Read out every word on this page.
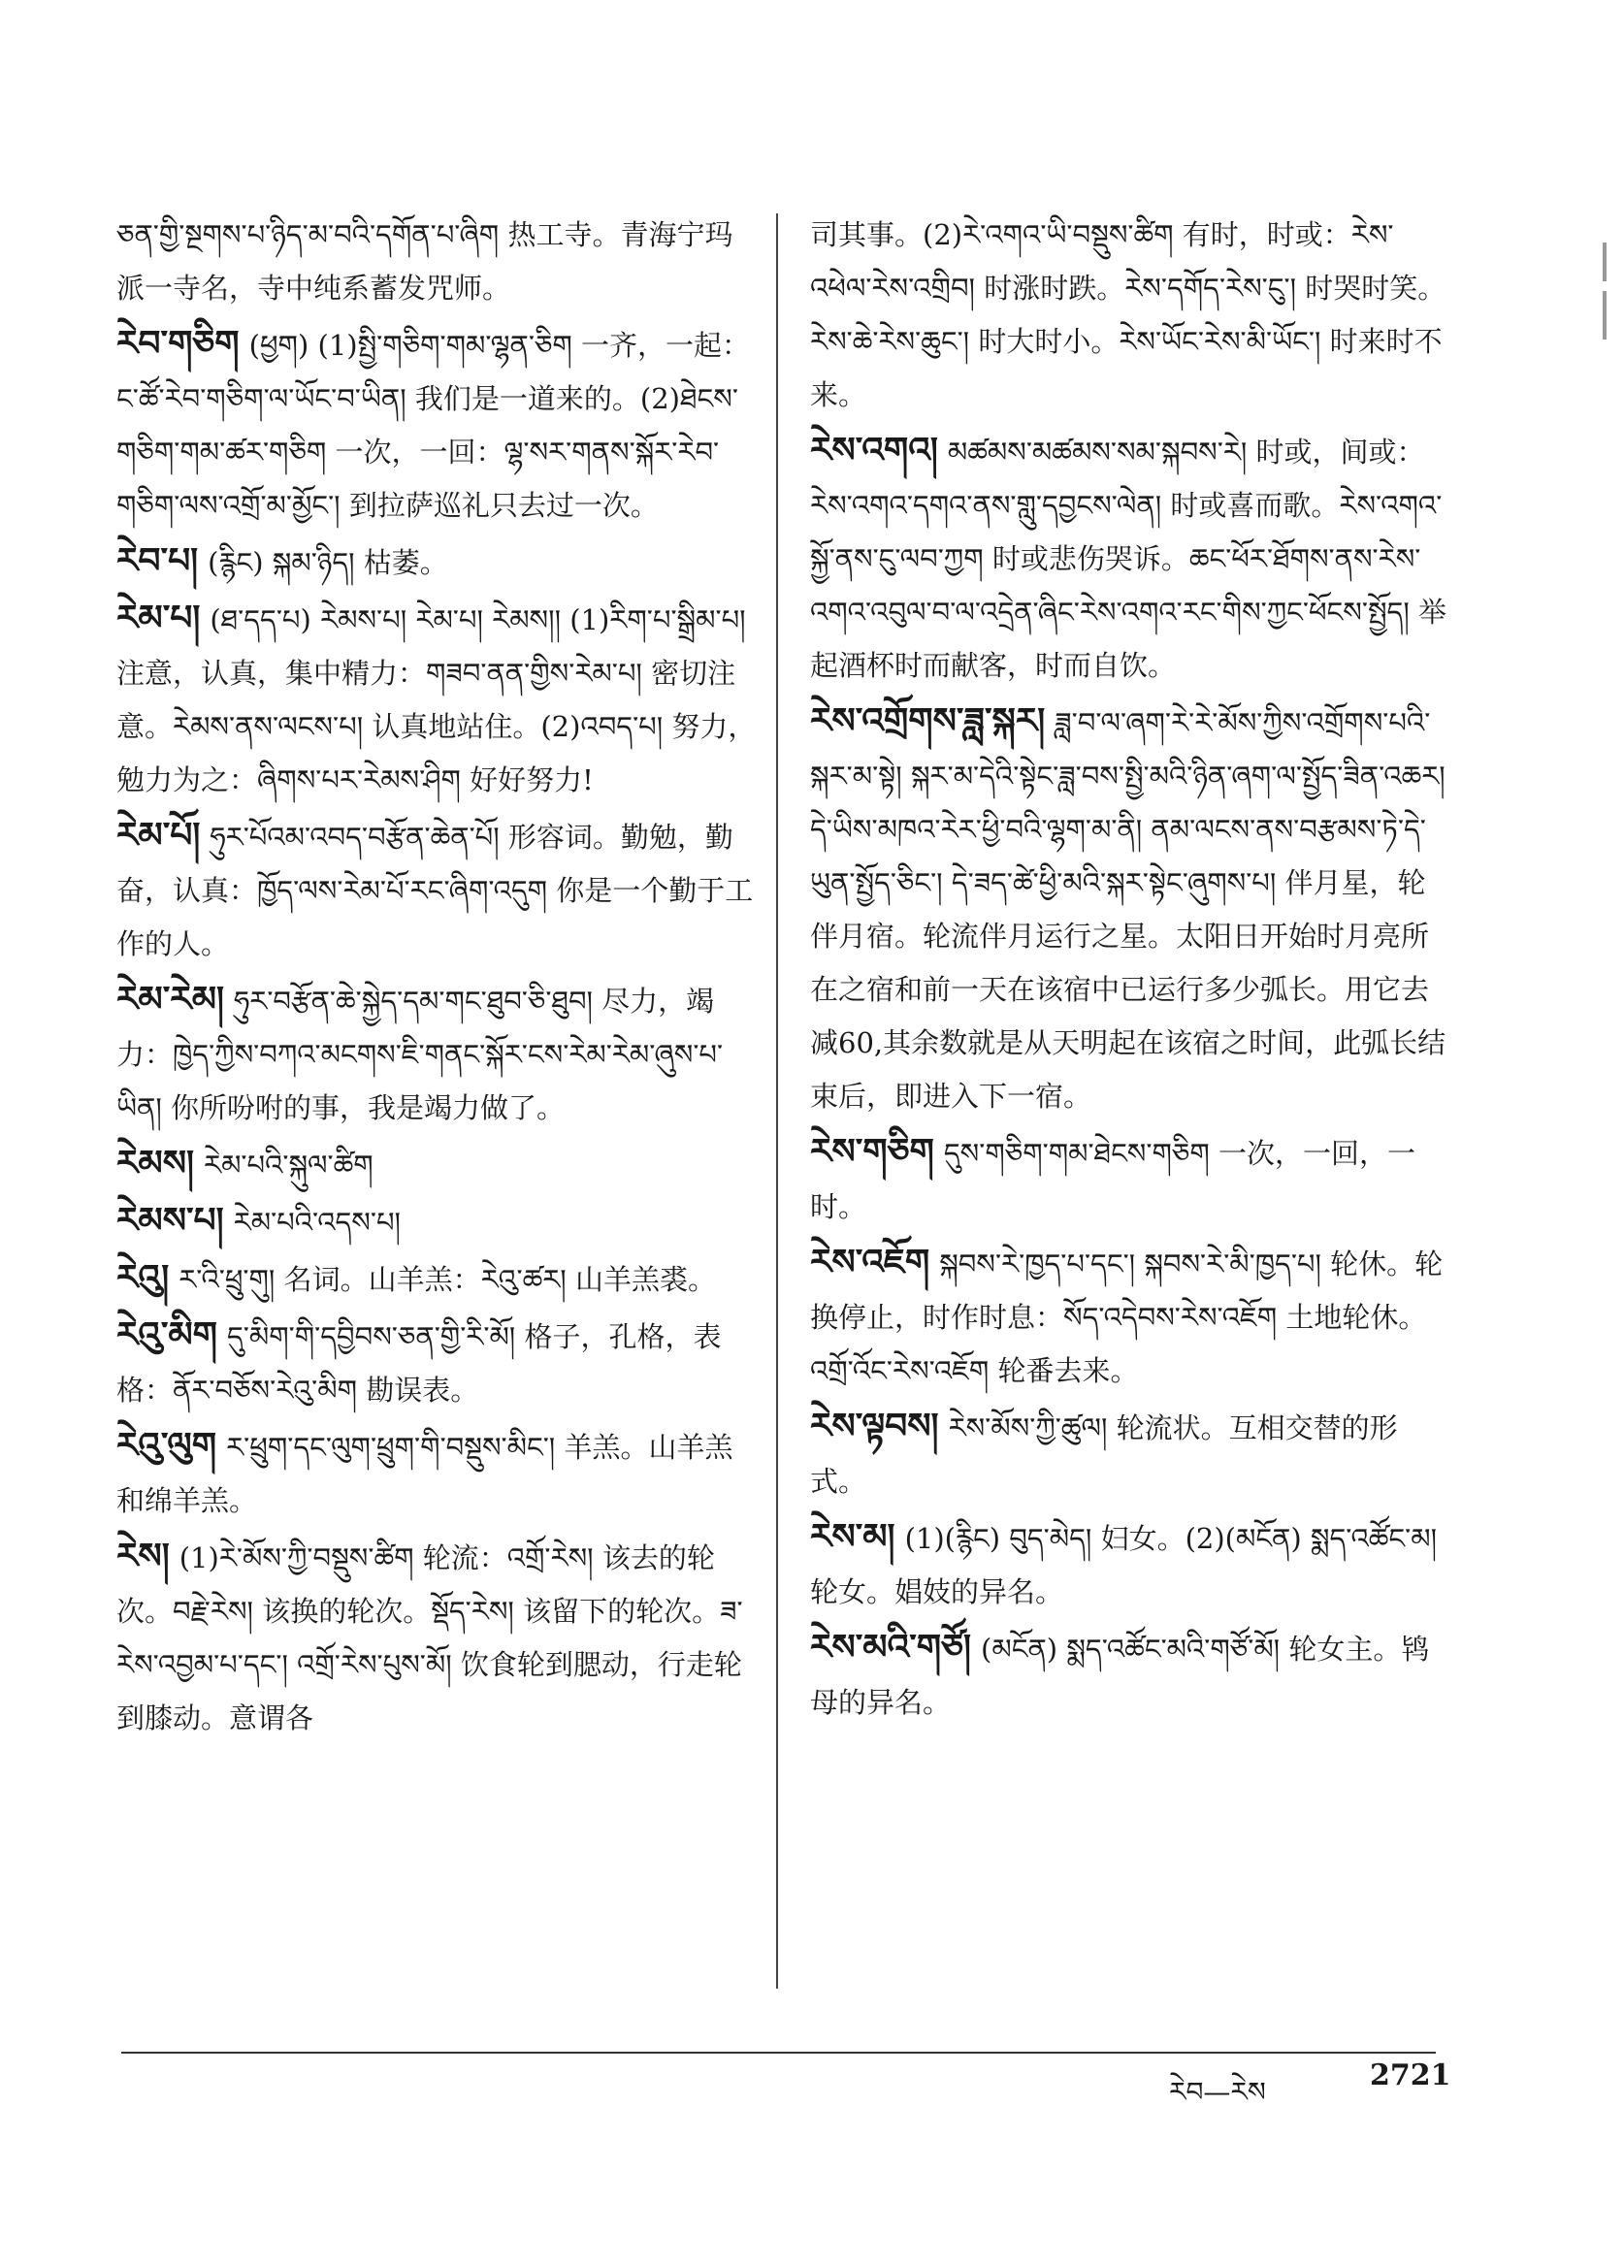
ཅན་གྱི་སྔགས་པ་ཉིད་མ་བའི་དགོན་པ་ཞིག 热工寺。青海宁玛派一寺名，寺中纯系蓄发咒师。
རེབ་གཅིག (ཕྱག) (1)སྤྱི་གཅིག་གམ་ལྷན་ཅིག 一齐，一起：ང་ཚོ་རེབ་གཅིག་ལ་ཡོང་བ་ཡིན། 我们是一道来的。(2)ཐེངས་གཅིག་གམ་ཚར་གཅིག 一次，一回：ལྷ་སར་གནས་སྐོར་རེབ་གཅིག་ལས་འགྲོ་མ་མྱོང་། 到拉萨巡礼只去过一次。
རེབ་པ། (རྙིང) སྐམ་ཉིད། 枯萎。
རེམ་པ། (ཐ་དད་པ) རེམས་པ། རེམ་པ། རེམས།། (1)རིག་པ་སྒྲིམ་པ། 注意，认真，集中精力：གཟབ་ནན་གྱིས་རེམ་པ། 密切注意。རེམས་ནས་ལངས་པ། 认真地站住。(2)འབད་པ། 努力，勉力为之：ཞིགས་པར་རེམས་ཤིག 好好努力!
རེམ་པོ། ཧུར་པོའམ་འབད་བརྩོན་ཆེན་པོ། 形容词。勤勉，勤奋，认真：ཁྱོད་ལས་རེམ་པོ་རང་ཞིག་འདུག 你是一个勤于工作的人。
རེམ་རེམ། ཧུར་བརྩོན་ཆེ་སྐྱེད་དམ་གང་ཐུབ་ཅི་ཐུབ། 尽力，竭力：ཁྱེད་ཀྱིས་བཀའ་མངགས་ཇི་གནང་སྐོར་ངས་རེམ་རེམ་ཞུས་པ་ཡིན། 你所吩咐的事，我是竭力做了。
རེམས། རེམ་པའི་སྐུལ་ཚིག
རེམས་པ། རེམ་པའི་འདས་པ།
རེའུ། ར་འི་ཕྲུ་གུ། 名词。山羊羔：རེའུ་ཚར། 山羊羔裘。
རེའུ་མིག དུ་མིག་གི་དབྱིབས་ཅན་གྱི་རི་མོ། 格子，孔格，表格：ནོར་བཅོས་རེའུ་མིག 勘误表。
རེའུ་ལུག ར་ཕྲུག་དང་ལུག་ཕྲུག་གི་བསྡུས་མིང་། 羊羔。山羊羔和绵羊羔。
རེས། (1)རེ་མོས་ཀྱི་བསྡུས་ཚིག 轮流：འགྲོ་རེས། 该去的轮次。བརྗེ་རེས། 该换的轮次。སྡོད་རེས། 该留下的轮次。ཟ་རེས་འབྱམ་པ་དང་། འགྲོ་རེས་པུས་མོ། 饮食轮到腮动，行走轮到膝动。意谓各
司其事。(2)རེ་འགའ་ཡི་བསྡུས་ཚིག 有时，时或：རེས་འཕེལ་རེས་འགྲིབ། 时涨时跌。རེས་དགོད་རེས་ངུ་། 时哭时笑。རེས་ཆེ་རེས་ཆུང་། 时大时小。རེས་ཡོང་རེས་མི་ཡོང་། 时来时不来。
རེས་འགའ། མཚམས་མཚམས་སམ་སྐབས་རེ། 时或，间或：རེས་འགའ་དགའ་ནས་གླུ་དབྱངས་ལེན། 时或喜而歌。རེས་འགའ་སྐྱོ་ནས་ངུ་ལབ་ཀྱག 时或悲伤哭诉。ཆང་ཕོར་ཐོགས་ནས་རེས་འགའ་འབུལ་བ་ལ་འདྲེན་ཞིང་རེས་འགའ་རང་གིས་ཀྱང་ཕོངས་སྤྱོད། 举起酒杯时而献客，时而自饮。
རེས་འགྲོགས་ཟླ་སྐར། ཟླ་བ་ལ་ཞག་རེ་རེ་མོས་ཀྱིས་འགྲོགས་པའི་སྐར་མ་སྟེ། སྐར་མ་དེའི་སྟེང་ཟླ་བས་སྤྱི་མའི་ཉིན་ཞག་ལ་སྤྱོད་ཟིན་འཆར། དེ་ཡིས་མཁའ་རེར་ཕྱི་བའི་ལྷག་མ་ནི། ནམ་ལངས་ནས་བརྩམས་ཏེ་དེ་ཡུན་སྤྱོད་ཅིང་། དེ་ཟད་ཚེ་ཕྱི་མའི་སྐར་སྟེང་ཞུགས་པ། 伴月星，轮伴月宿。轮流伴月运行之星。太阳日开始时月亮所在之宿和前一天在该宿中已运行多少弧长。用它去减60,其余数就是从天明起在该宿之时间，此弧长结束后，即进入下一宿。
རེས་གཅིག དུས་གཅིག་གམ་ཐེངས་གཅིག 一次，一回，一时。
རེས་འཇོག སྐབས་རེ་ཁྱད་པ་དང་། སྐབས་རེ་མི་ཁྱད་པ། 轮休。轮换停止，时作时息：སོད་འདེབས་རེས་འཇོག 土地轮休。འགྲོ་འོང་རེས་འཇོག 轮番去来。
རེས་ལྟབས། རེས་མོས་ཀྱི་ཚུལ། 轮流状。互相交替的形式。
རེས་མ། (1)(རྙིང) བུད་མེད། 妇女。(2)(མངོན) སྨད་འཚོང་མ། 轮女。娼妓的异名。
རེས་མའི་གཙོ། (མངོན) སྨད་འཚོང་མའི་གཙོ་མོ། 轮女主。鸨母的异名。
རེབ—རེས	2721
